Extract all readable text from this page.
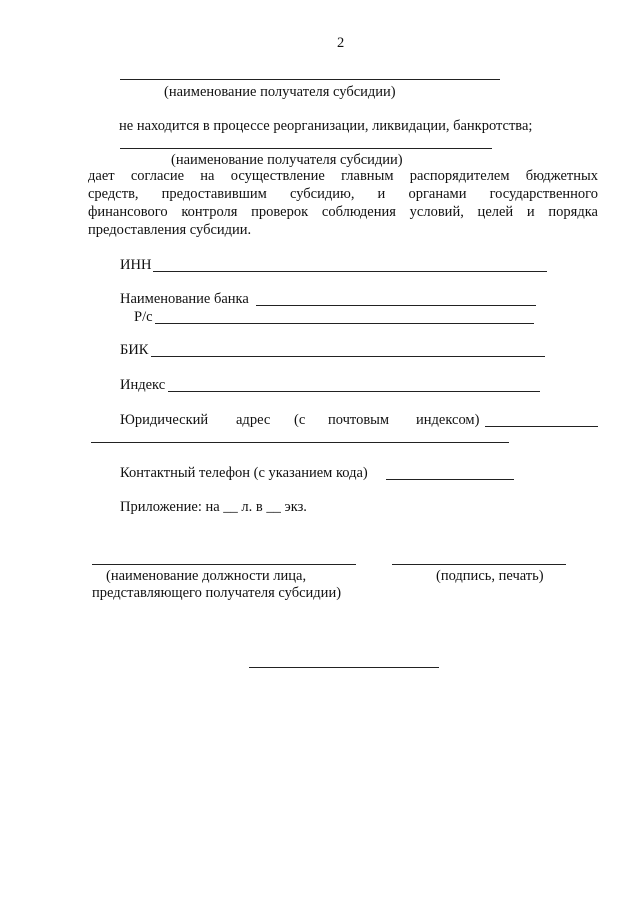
2
(наименование получателя субсидии)
не находится в процессе реорганизации, ликвидации, банкротства;
(наименование получателя субсидии)
дает согласие на осуществление главным распорядителем бюджетных
средств, предоставившим субсидию, и органами государственного
финансового контроля проверок соблюдения условий, целей и порядка
предоставления субсидии.
ИНН
Наименование банка
Р/с
БИК
Индекс
Юридический адрес (с почтовым индексом)
Контактный телефон (с указанием кода)
Приложение: на __ л. в __ экз.
(наименование должности лица,	(подпись, печать)
представляющего получателя субсидии)
